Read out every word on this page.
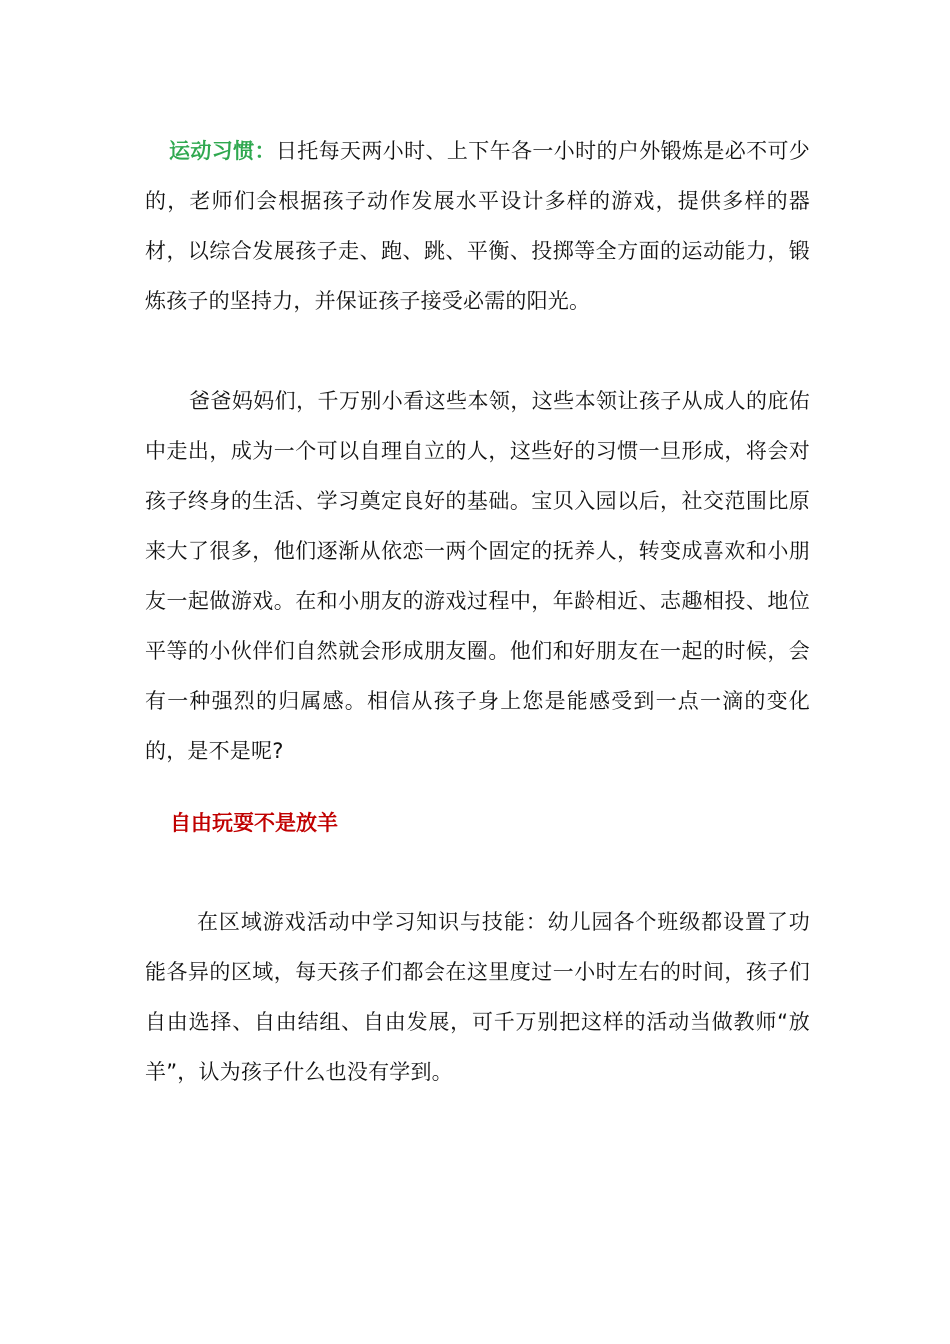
运动习惯：日托每天两小时、上下午各一小时的户外锻炼是必不可少的，老师们会根据孩子动作发展水平设计多样的游戏，提供多样的器材，以综合发展孩子走、跑、跳、平衡、投掷等全方面的运动能力，锻炼孩子的坚持力，并保证孩子接受必需的阳光。

爸爸妈妈们，千万别小看这些本领，这些本领让孩子从成人的庇佑中走出，成为一个可以自理自立的人，这些好的习惯一旦形成，将会对孩子终身的生活、学习奠定良好的基础。宝贝入园以后，社交范围比原来大了很多，他们逐渐从依恋一两个固定的抚养人，转变成喜欢和小朋友一起做游戏。在和小朋友的游戏过程中，年龄相近、志趣相投、地位平等的小伙伴们自然就会形成朋友圈。他们和好朋友在一起的时候，会有一种强烈的归属感。相信从孩子身上您是能感受到一点一滴的变化的，是不是呢?

自由玩耍不是放羊

在区域游戏活动中学习知识与技能：幼儿园各个班级都设置了功能各异的区域，每天孩子们都会在这里度过一小时左右的时间，孩子们自由选择、自由结组、自由发展，可千万别把这样的活动当做教师“放羊”，认为孩子什么也没有学到。
